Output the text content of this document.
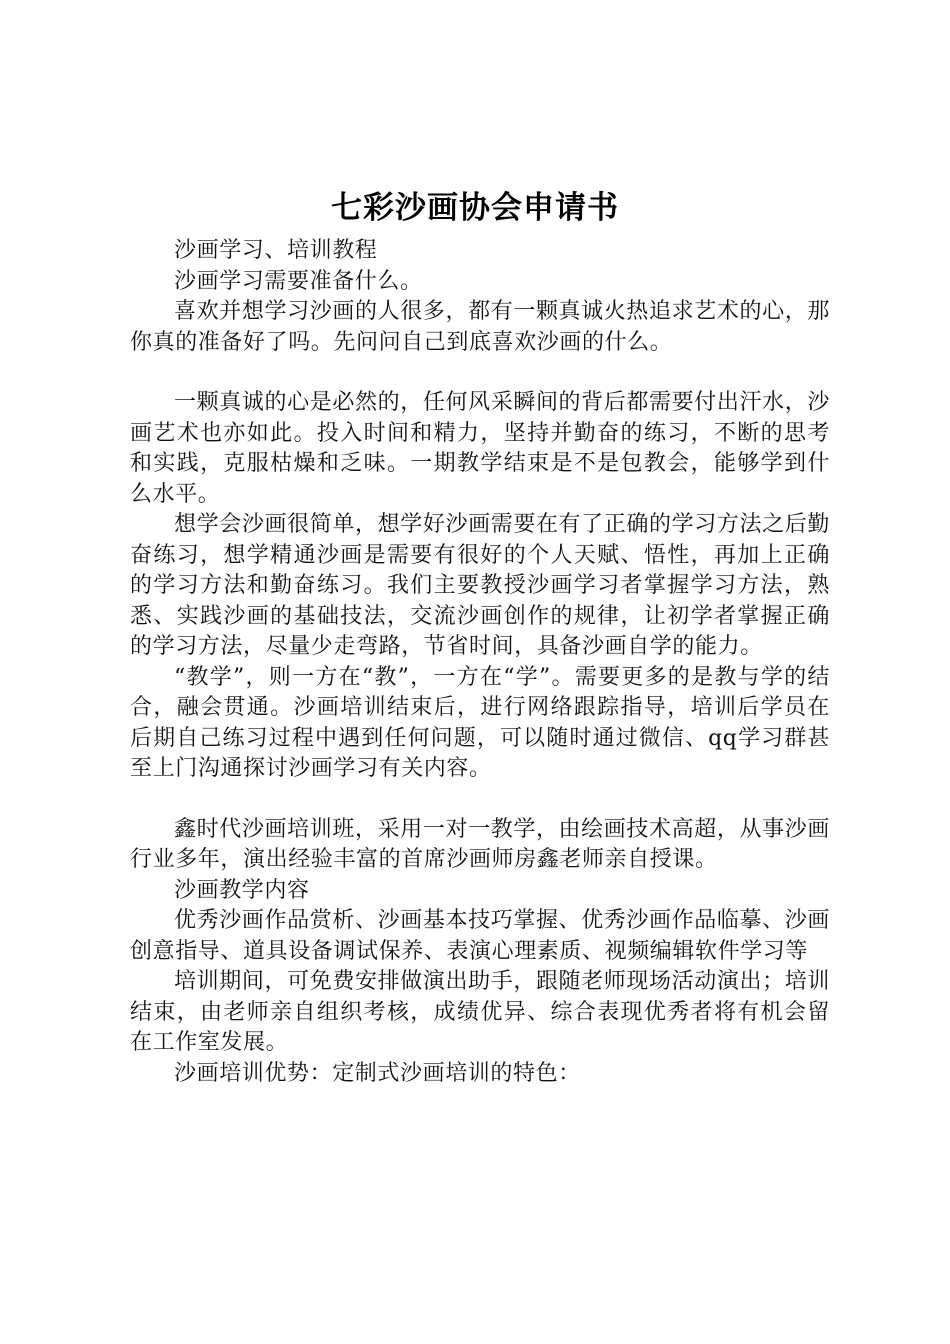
七彩沙画协会申请书

沙画学习、培训教程

沙画学习需要准备什么。

喜欢并想学习沙画的人很多，都有一颗真诚火热追求艺术的心，那你真的准备好了吗。先问问自己到底喜欢沙画的什么。

一颗真诚的心是必然的，任何风采瞬间的背后都需要付出汗水，沙画艺术也亦如此。投入时间和精力，坚持并勤奋的练习，不断的思考和实践，克服枯燥和乏味。一期教学结束是不是包教会，能够学到什么水平。

想学会沙画很简单，想学好沙画需要在有了正确的学习方法之后勤奋练习，想学精通沙画是需要有很好的个人天赋、悟性，再加上正确的学习方法和勤奋练习。我们主要教授沙画学习者掌握学习方法，熟悉、实践沙画的基础技法，交流沙画创作的规律，让初学者掌握正确的学习方法，尽量少走弯路，节省时间，具备沙画自学的能力。

“教学”，则一方在“教”，一方在“学”。需要更多的是教与学的结合，融会贯通。沙画培训结束后，进行网络跟踪指导，培训后学员在后期自己练习过程中遇到任何问题，可以随时通过微信、qq学习群甚至上门沟通探讨沙画学习有关内容。

鑫时代沙画培训班，采用一对一教学，由绘画技术高超，从事沙画行业多年，演出经验丰富的首席沙画师房鑫老师亲自授课。

沙画教学内容

优秀沙画作品赏析、沙画基本技巧掌握、优秀沙画作品临摹、沙画创意指导、道具设备调试保养、表演心理素质、视频编辑软件学习等

培训期间，可免费安排做演出助手，跟随老师现场活动演出；培训结束，由老师亲自组织考核，成绩优异、综合表现优秀者将有机会留在工作室发展。

沙画培训优势：定制式沙画培训的特色：
